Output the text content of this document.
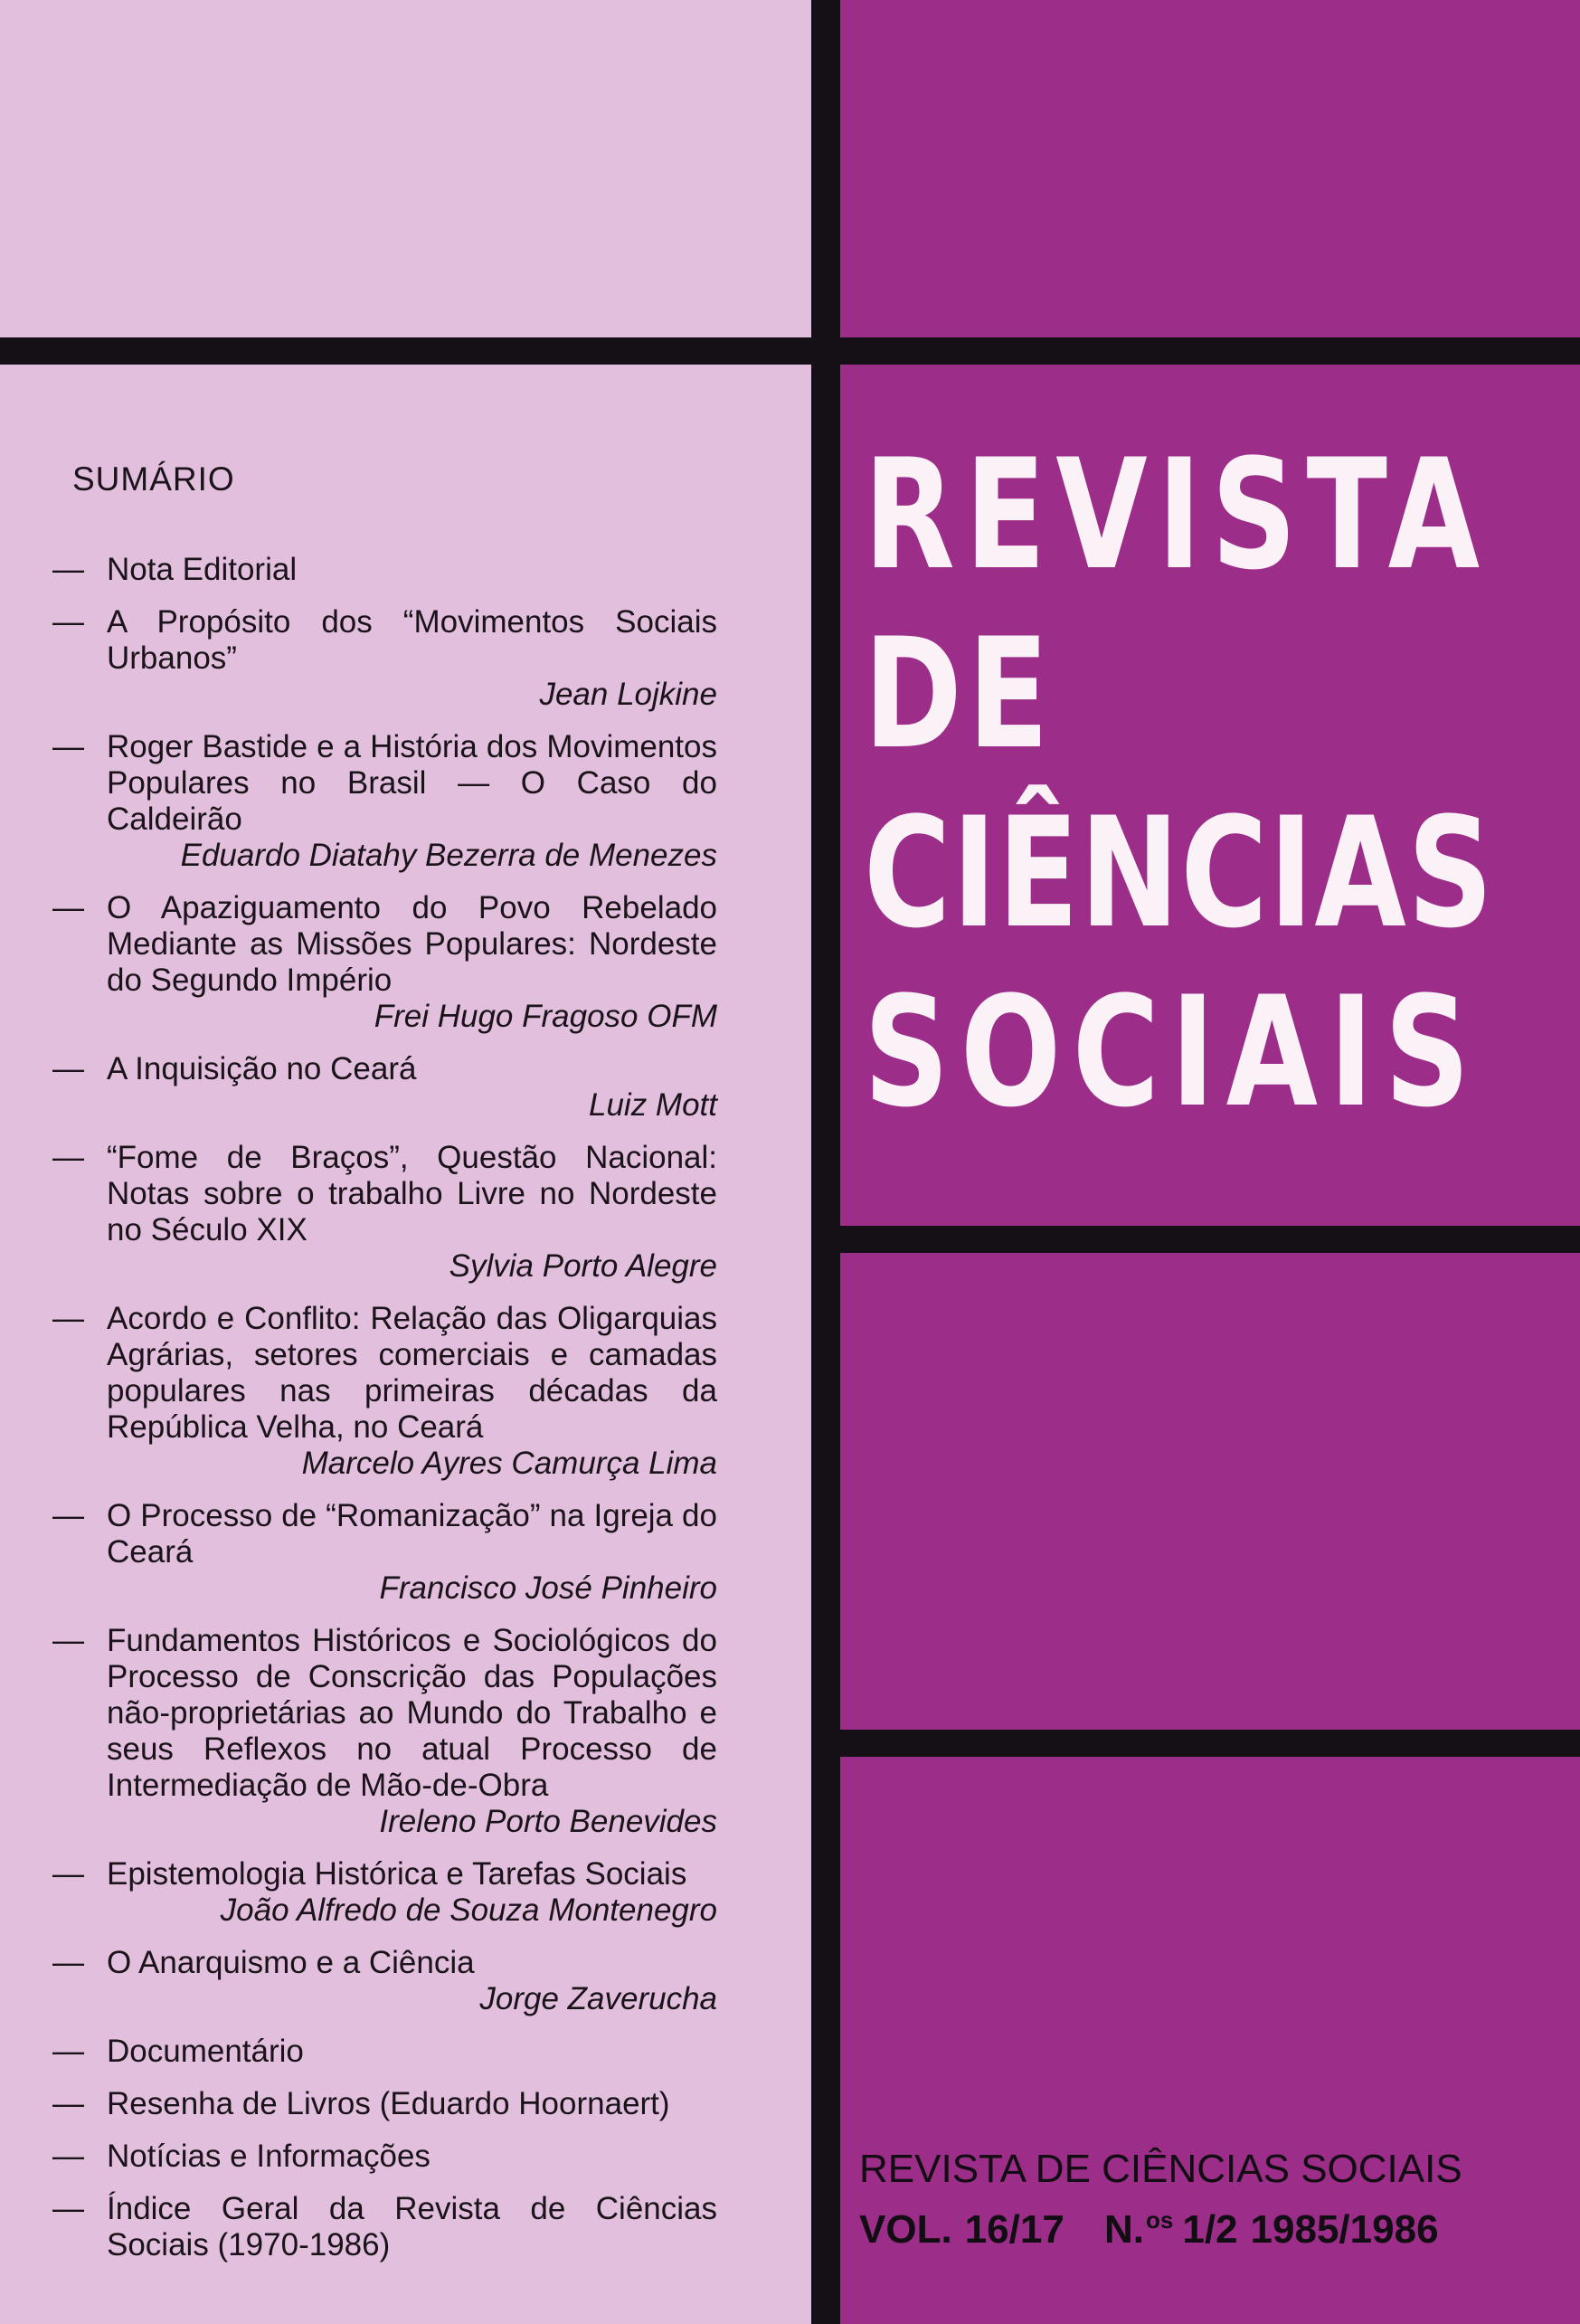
REVISTA
DE
CIÊNCIAS
SOCIAIS
REVISTA DE CIÊNCIAS SOCIAIS
VOL. 16/17 N.$^{os}$ 1/2 1985/1986
SUMÁRIO
— Nota Editorial
— A Propósito dos “Movimentos Sociais Urbanos”
Jean Lojkine
— Roger Bastide e a História dos Movimentos Populares no Brasil — O Caso do Caldeirão
Eduardo Diatahy Bezerra de Menezes
— O Apaziguamento do Povo Rebelado Mediante as Missões Populares: Nordeste do Segundo Império
Frei Hugo Fragoso OFM
— A Inquisição no Ceará
Luiz Mott
— “Fome de Braços”, Questão Nacional: Notas sobre o trabalho Livre no Nordeste no Século XIX
Sylvia Porto Alegre
— Acordo e Conflito: Relação das Oligarquias Agrárias, setores comerciais e camadas populares nas primeiras décadas da República Velha, no Ceará
Marcelo Ayres Camurça Lima
— O Processo de “Romanização” na Igreja do Ceará
Francisco José Pinheiro
— Fundamentos Históricos e Sociológicos do Processo de Conscrição das Populações não-proprietárias ao Mundo do Trabalho e seus Reflexos no atual Processo de Intermediação de Mão-de-Obra
Ireleno Porto Benevides
— Epistemologia Histórica e Tarefas Sociais
João Alfredo de Souza Montenegro
— O Anarquismo e a Ciência
Jorge Zaverucha
— Documentário
— Resenha de Livros (Eduardo Hoornaert)
— Notícias e Informações
— Índice Geral da Revista de Ciências Sociais (1970-1986)
